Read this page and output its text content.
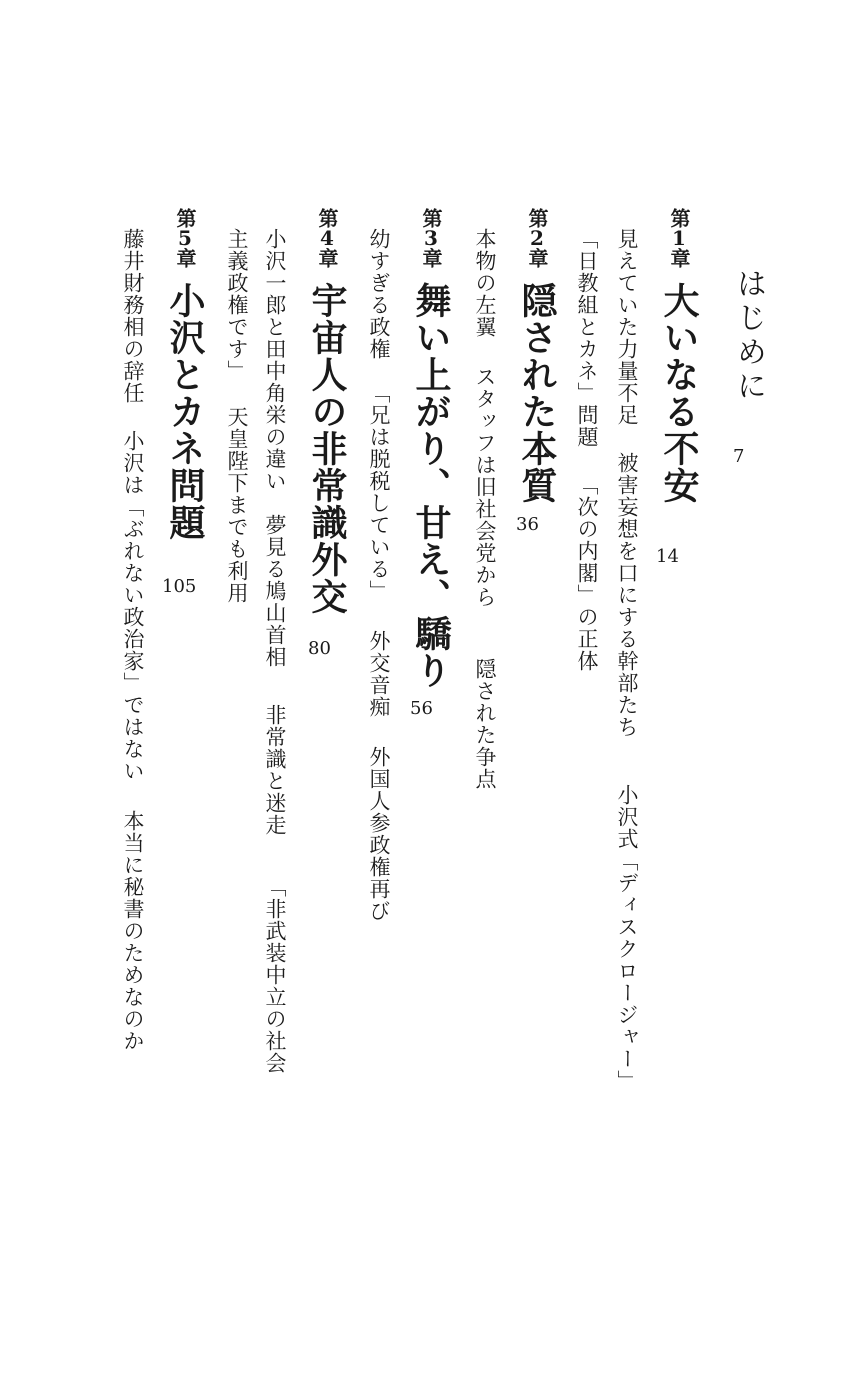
はじめに
7
第1章大いなる不安
14
見えていた力量不足被害妄想を口にする幹部たち小沢式「ディスクロージャー」
「日教組とカネ」問題「次の内閣」の正体
第2章隠された本質
36
本物の左翼スタッフは旧社会党から隠された争点
第3章舞い上がり、甘え、驕り
56
幼すぎる政権「兄は脱税している」外交音痴外国人参政権再び
第4章宇宙人の非常識外交
80
小沢一郎と田中角栄の違い夢見る鳩山首相非常識と迷走「非武装中立の社会
主義政権です」天皇陛下までも利用
第5章小沢とカネ問題
105
藤井財務相の辞任小沢は「ぶれない政治家」ではない本当に秘書のためなのか
